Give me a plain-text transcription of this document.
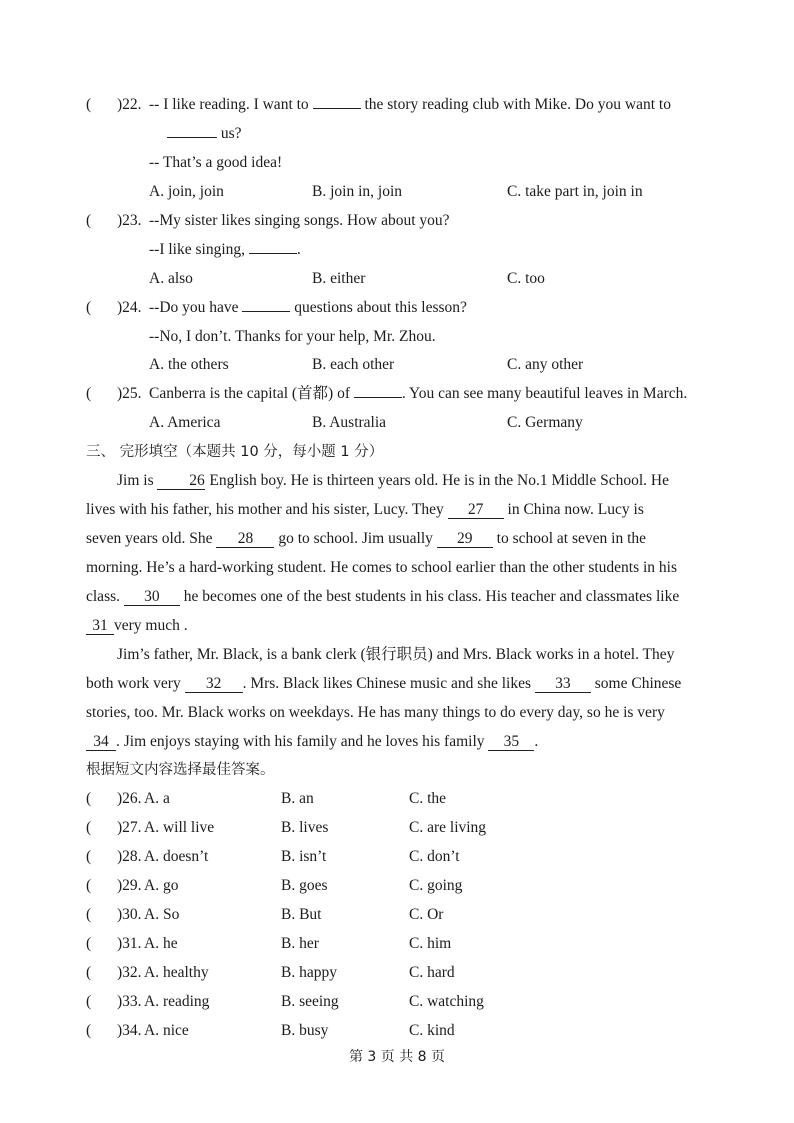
( )22. -- I like reading. I want to	the story reading club with Mike. Do you want to
us?
-- That’s a good idea!
A. join, join	B. join in, join	C. take part in, join in
( )23. --My sister likes singing songs. How about you?
--I like singing,	.
A. also	B. either	C. too
( )24. --Do you have	questions about this lesson?
--No, I don’t. Thanks for your help, Mr. Zhou.
A. the others	B. each other	C. any other
( )25. Canberra is the capital (首都) of	. You can see many beautiful leaves in March.
A. America	B. Australia	C. Germany
三、 完形填空（本题共 10 分，每小题 1 分）
Jim is 26 English boy. He is thirteen years old. He is in the No.1 Middle School. He
lives with his father, his mother and his sister, Lucy. They 27 in China now. Lucy is
seven years old. She 28 go to school. Jim usually 29 to school at seven in the
morning. He’s a hard-working student. He comes to school earlier than the other students in his
class. 30 he becomes one of the best students in his class. His teacher and classmates like
31 very much .
Jim’s father, Mr. Black, is a bank clerk (银行职员) and Mrs. Black works in a hotel. They
both work very 32 . Mrs. Black likes Chinese music and she likes 33 some Chinese
stories, too. Mr. Black works on weekdays. He has many things to do every day, so he is very
34 . Jim enjoys staying with his family and he loves his family 35 .
根据短文内容选择最佳答案。
( )26. A. a	B. an	C. the
( )27. A. will live	B. lives	C. are living
( )28. A. doesn’t	B. isn’t	C. don’t
( )29. A. go	B. goes	C. going
( )30. A. So	B. But	C. Or
( )31. A. he	B. her	C. him
( )32. A. healthy	B. happy	C. hard
( )33. A. reading	B. seeing	C. watching
( )34. A. nice	B. busy	C. kind
第 3 页 共 8 页
